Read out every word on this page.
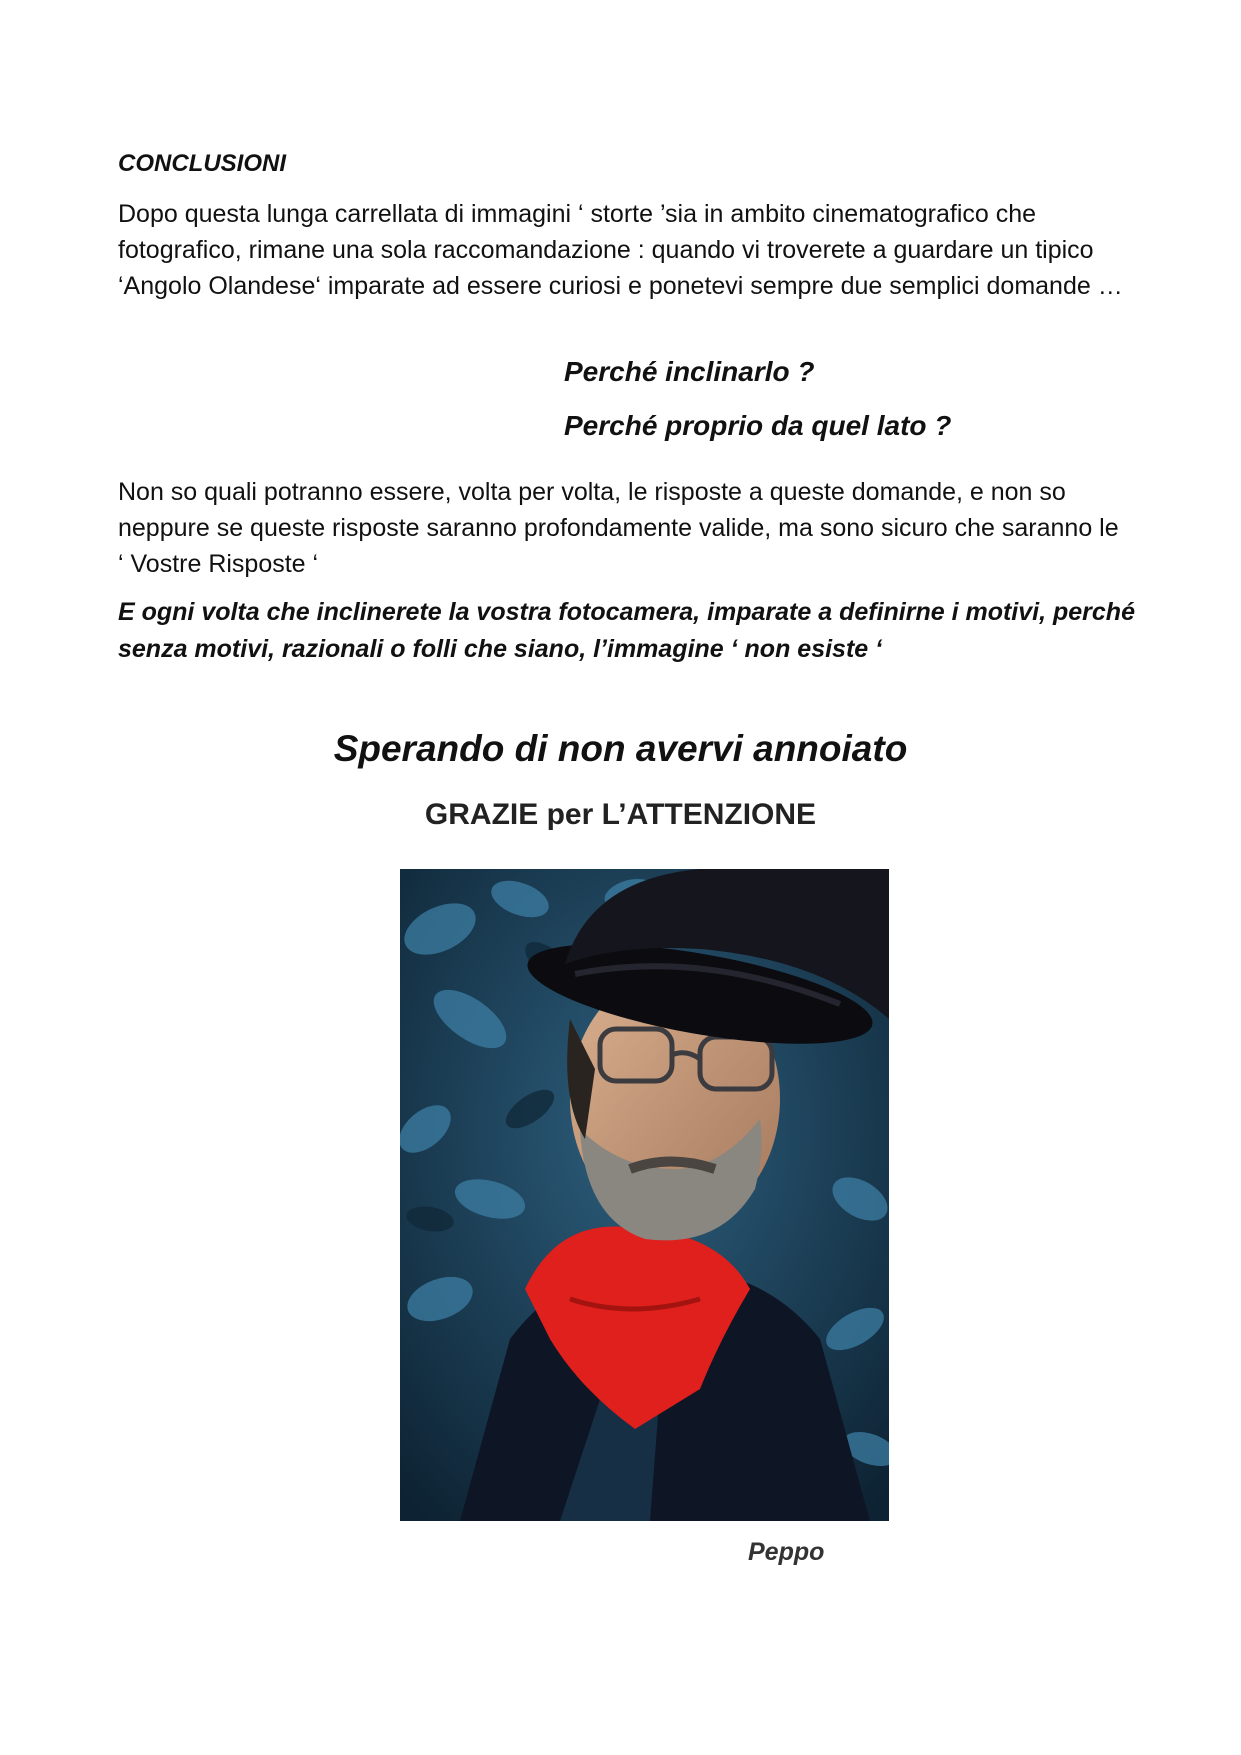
CONCLUSIONI
Dopo questa lunga carrellata di immagini ‘ storte ’sia in ambito cinematografico che fotografico, rimane una sola raccomandazione : quando vi troverete a guardare un tipico ‘Angolo Olandese‘ imparate ad essere curiosi e ponetevi sempre due semplici domande …
Perché inclinarlo ?
Perché proprio da quel lato ?
Non so quali potranno essere, volta per volta, le risposte a queste domande, e non so neppure se queste risposte saranno profondamente valide, ma sono sicuro che saranno le ‘ Vostre Risposte ‘
E ogni volta che inclinerete la vostra fotocamera, imparate a definirne i motivi, perché senza motivi, razionali o folli che siano, l’immagine ‘ non esiste ‘
Sperando di non avervi annoiato
GRAZIE per L’ATTENZIONE
Peppo
